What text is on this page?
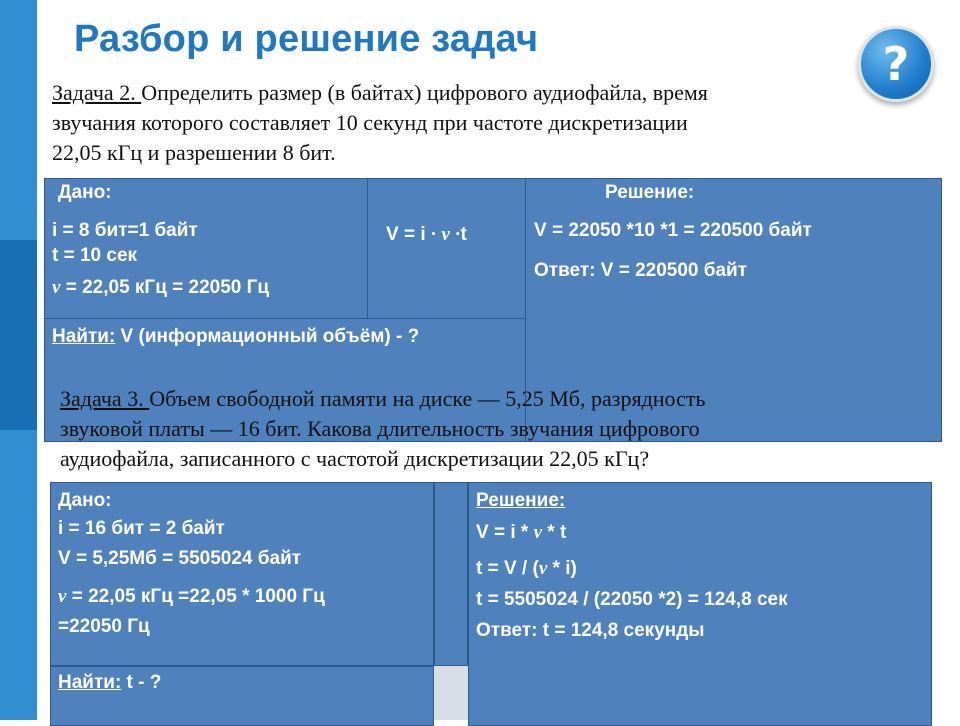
Разбор и решение задач	?
Задача 2. Определить размер (в байтах) цифрового аудиофайла, время
звучания которого составляет 10 секунд при частоте дискретизации
22,05 кГц и разрешении 8 бит.
Дано:
i = 8 бит=1 байт
t = 10 сек
ν = 22,05 кГц = 22050 Гц
V = i ∙ ν ∙t
Найти: V (информационный объём) - ?
Решение:
V = 22050 *10 *1 = 220500 байт
Ответ: V = 220500 байт
Задача 3. Объем свободной памяти на диске — 5,25 Мб, разрядность
звуковой платы — 16 бит. Какова длительность звучания цифрового
аудиофайла, записанного с частотой дискретизации 22,05 кГц?
Дано:
i = 16 бит = 2 байт
V = 5,25Мб = 5505024 байт
ν = 22,05 кГц =22,05 * 1000 Гц
=22050 Гц
Найти: t - ?
Решение:
V = i * ν * t
t = V / (ν * i)
t = 5505024 / (22050 *2) = 124,8 сек
Ответ: t = 124,8 секунды
